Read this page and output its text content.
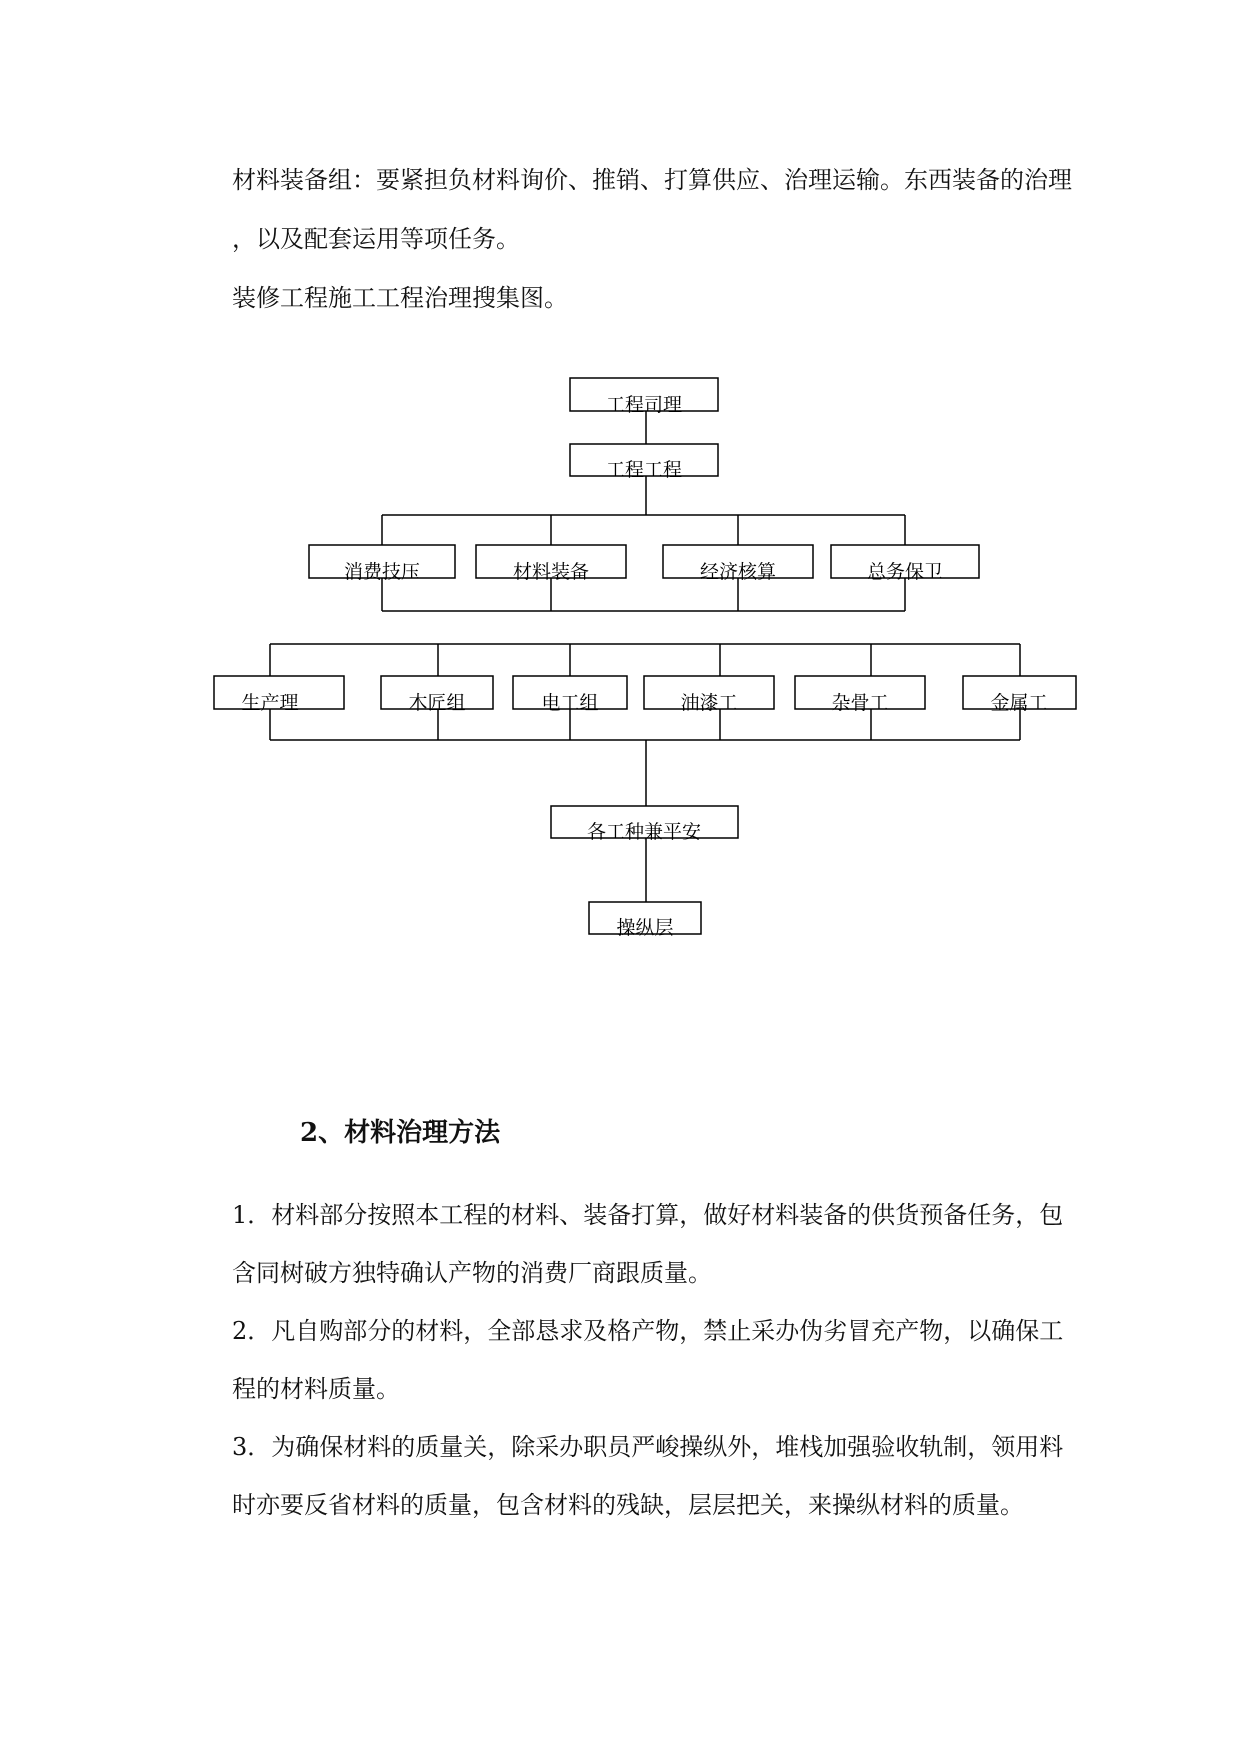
材料装备组：要紧担负材料询价、推销、打算供应、治理运输。东西装备的治理

，以及配套运用等项任务。

装修工程施工工程治理搜集图。

工程司理
工程工程
消费技压	材料装备	经济核算	总务保卫
生产理	木匠组	电工组	油漆工	杂骨工	金属工
各工种兼平安
操纵层
2、材料治理方法

1．材料部分按照本工程的材料、装备打算，做好材料装备的供货预备任务，包

含同树破方独特确认产物的消费厂商跟质量。

2．凡自购部分的材料，全部恳求及格产物，禁止采办伪劣冒充产物，以确保工

程的材料质量。

3．为确保材料的质量关，除采办职员严峻操纵外，堆栈加强验收轨制，领用料

时亦要反省材料的质量，包含材料的残缺，层层把关，来操纵材料的质量。
